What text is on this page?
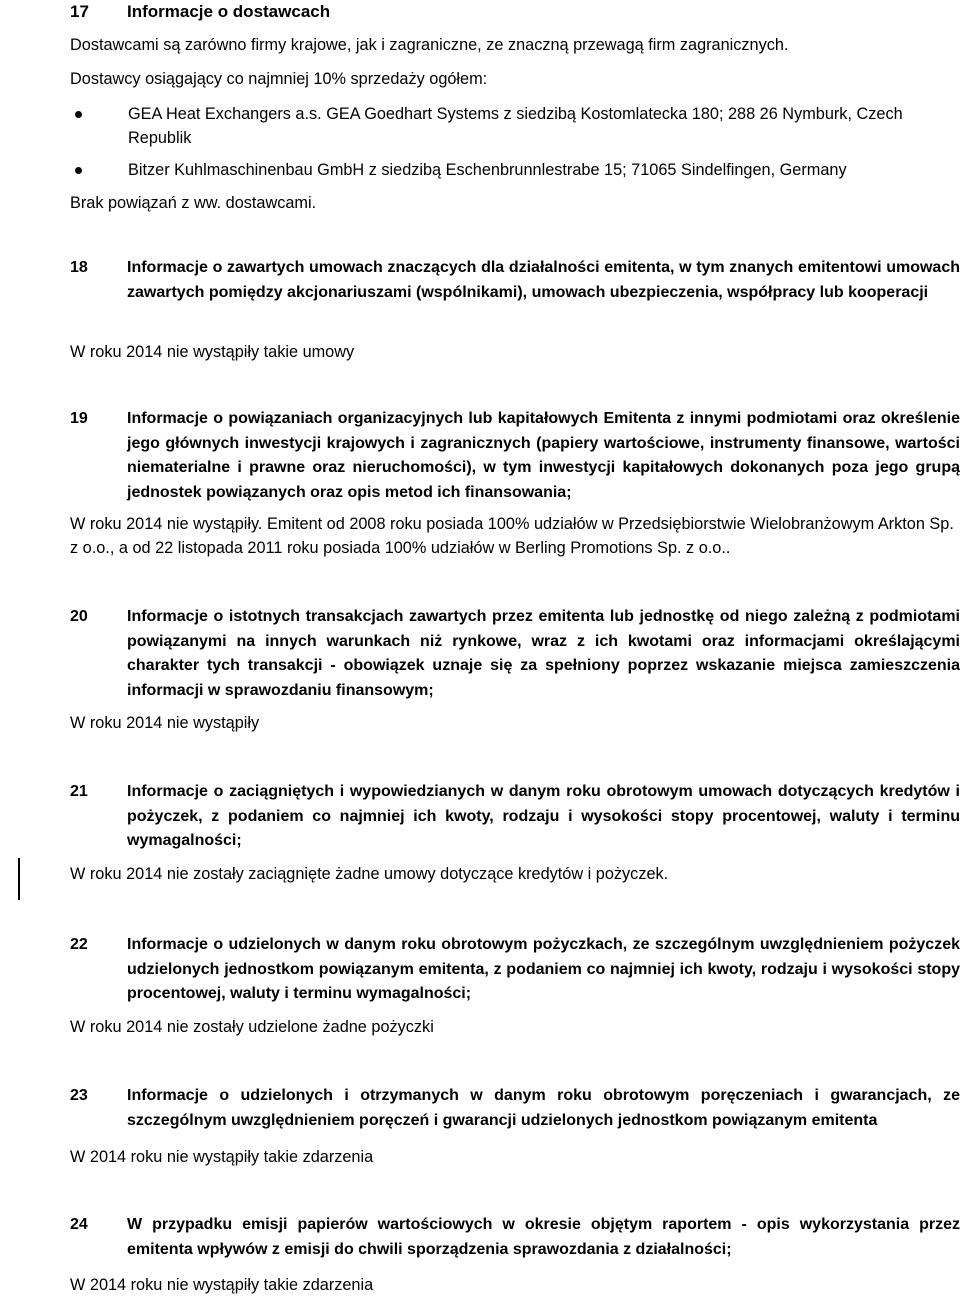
17	Informacje o dostawcach
Dostawcami są zarówno firmy krajowe, jak i zagraniczne, ze znaczną przewagą firm zagranicznych.
Dostawcy osiągający co najmniej 10% sprzedaży ogółem:
GEA Heat Exchangers a.s. GEA Goedhart Systems z siedzibą Kostomlatecka 180; 288 26 Nymburk, Czech Republik
Bitzer Kuhlmaschinenbau GmbH z siedzibą Eschenbrunnlestrabe 15; 71065 Sindelfingen, Germany
Brak powiązań z ww. dostawcami.
18	Informacje o zawartych umowach znaczących dla działalności emitenta, w tym znanych emitentowi umowach zawartych pomiędzy akcjonariuszami (wspólnikami), umowach ubezpieczenia, współpracy lub kooperacji
W roku 2014 nie wystąpiły takie umowy
19	Informacje o powiązaniach organizacyjnych lub kapitałowych Emitenta z innymi podmiotami oraz określenie jego głównych inwestycji krajowych i zagranicznych (papiery wartościowe, instrumenty finansowe, wartości niematerialne i prawne oraz nieruchomości), w tym inwestycji kapitałowych dokonanych poza jego grupą jednostek powiązanych oraz opis metod ich finansowania;
W roku 2014 nie wystąpiły. Emitent od 2008 roku posiada 100% udziałów w Przedsiębiorstwie Wielobranżowym Arkton Sp. z o.o., a od 22 listopada 2011 roku posiada 100% udziałów w Berling Promotions Sp. z o.o..
20	Informacje o istotnych transakcjach zawartych przez emitenta lub jednostkę od niego zależną z podmiotami powiązanymi na innych warunkach niż rynkowe, wraz z ich kwotami oraz informacjami określającymi charakter tych transakcji - obowiązek uznaje się za spełniony poprzez wskazanie miejsca zamieszczenia informacji w sprawozdaniu finansowym;
W roku 2014 nie wystąpiły
21	Informacje o zaciągniętych i wypowiedzianych w danym roku obrotowym umowach dotyczących kredytów i pożyczek, z podaniem co najmniej ich kwoty, rodzaju i wysokości stopy procentowej, waluty i terminu wymagalności;
W roku 2014 nie zostały zaciągnięte żadne umowy dotyczące kredytów i pożyczek.
22	Informacje o udzielonych w danym roku obrotowym pożyczkach, ze szczególnym uwzględnieniem pożyczek udzielonych jednostkom powiązanym emitenta, z podaniem co najmniej ich kwoty, rodzaju i wysokości stopy procentowej, waluty i terminu wymagalności;
W roku 2014 nie zostały udzielone żadne pożyczki
23	Informacje o udzielonych i otrzymanych w danym roku obrotowym poręczeniach i gwarancjach, ze szczególnym uwzględnieniem poręczeń i gwarancji udzielonych jednostkom powiązanym emitenta
W 2014 roku nie wystąpiły takie zdarzenia
24	W przypadku emisji papierów wartościowych w okresie objętym raportem - opis wykorzystania przez emitenta wpływów z emisji do chwili sporządzenia sprawozdania z działalności;
W 2014 roku nie wystąpiły takie zdarzenia
